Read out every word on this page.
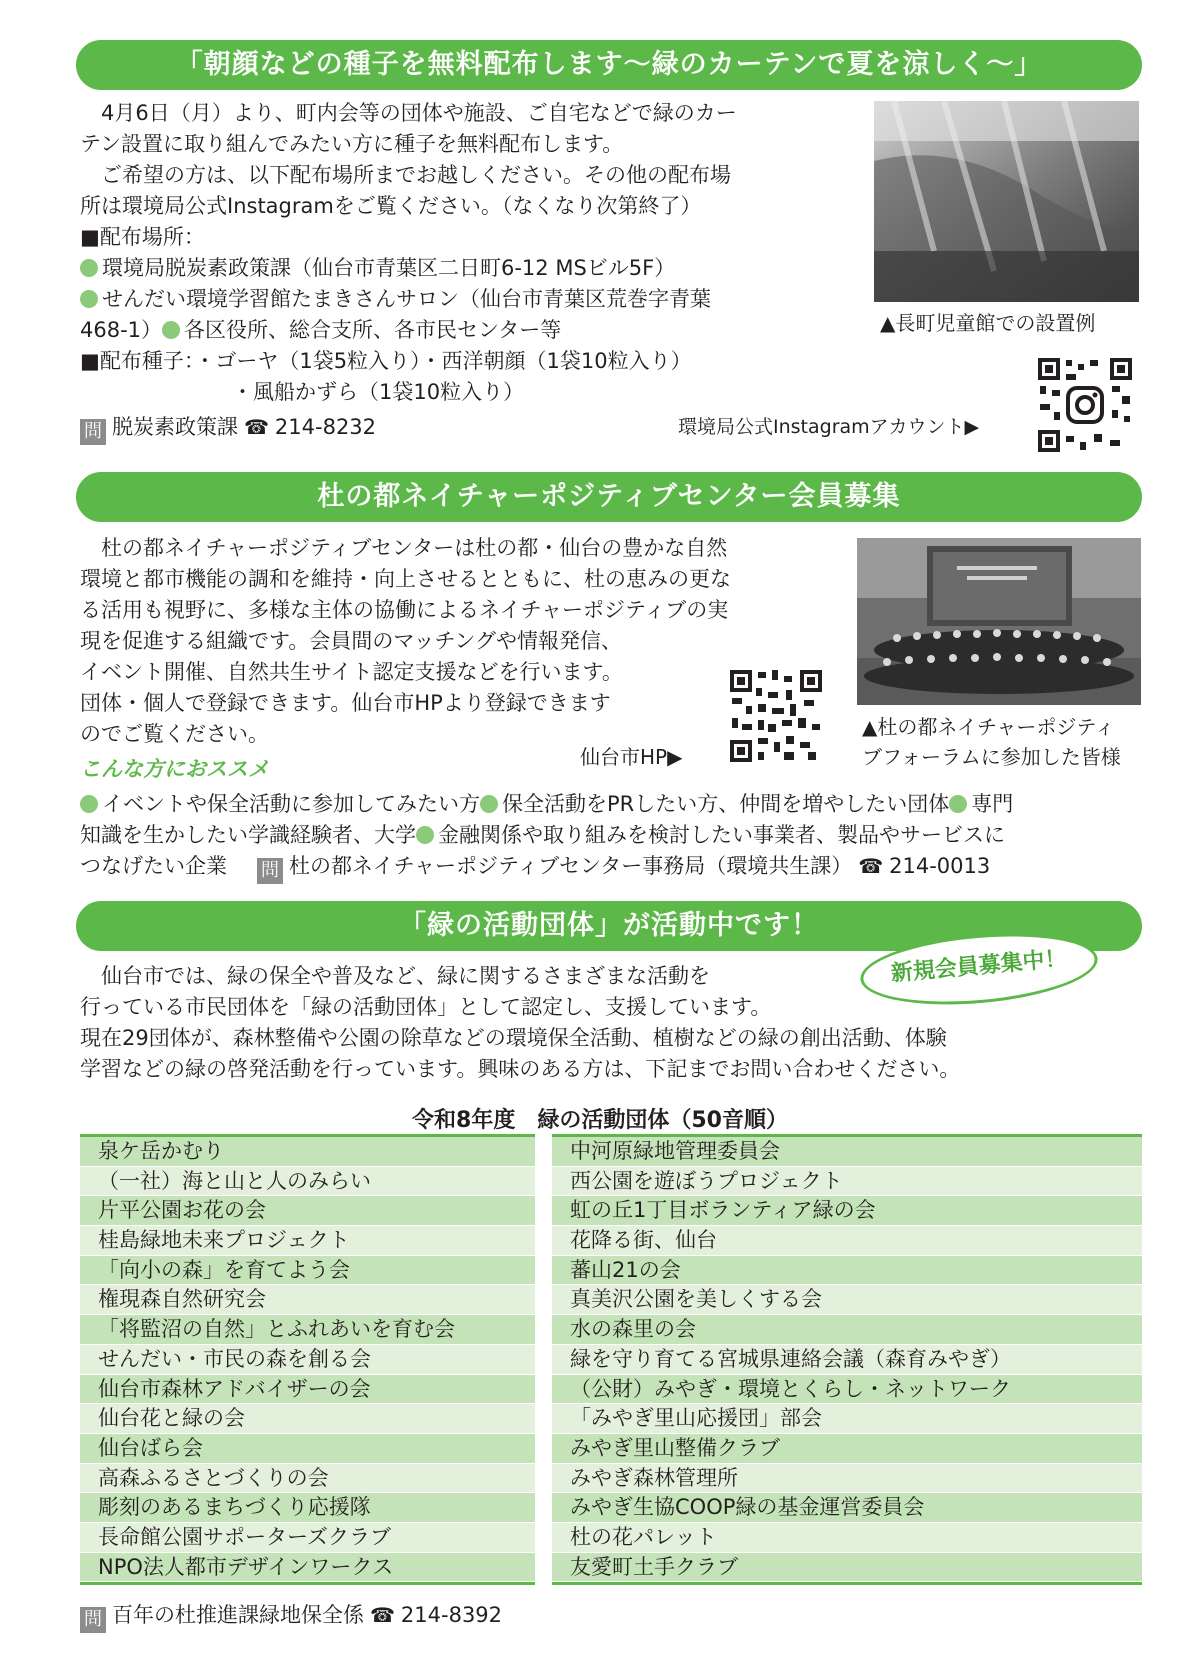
「朝顔などの種子を無料配布します～緑のカーテンで夏を涼しく～」
　4月6日（月）より、町内会等の団体や施設、ご自宅などで緑のカー
テン設置に取り組んでみたい方に種子を無料配布します。
　ご希望の方は、以下配布場所までお越しください。その他の配布場
所は環境局公式Instagramをご覧ください。（なくなり次第終了）
■配布場所：
環境局脱炭素政策課（仙台市青葉区二日町6-12 MSビル5F）
せんだい環境学習館たまきさんサロン（仙台市青葉区荒巻字青葉
468-1） 各区役所、総合支所、各市民センター等
■配布種子：・ゴーヤ（1袋5粒入り）・西洋朝顔（1袋10粒入り）
・風船かずら（1袋10粒入り）
問 脱炭素政策課 ☎ 214-8232
▲長町児童館での設置例
環境局公式Instagramアカウント▶
杜の都ネイチャーポジティブセンター会員募集
　杜の都ネイチャーポジティブセンターは杜の都・仙台の豊かな自然
環境と都市機能の調和を維持・向上させるとともに、杜の恵みの更な
る活用も視野に、多様な主体の協働によるネイチャーポジティブの実
現を促進する組織です。会員間のマッチングや情報発信、
イベント開催、自然共生サイト認定支援などを行います。
団体・個人で登録できます。仙台市HPより登録できます
のでご覧ください。
こんな方におススメ	仙台市HP▶
▲杜の都ネイチャーポジティ
ブフォーラムに参加した皆様
イベントや保全活動に参加してみたい方 保全活動をPRしたい方、仲間を増やしたい団体 専門
知識を生かしたい学識経験者、大学 金融関係や取り組みを検討したい事業者、製品やサービスに
つなげたい企業 問 杜の都ネイチャーポジティブセンター事務局（環境共生課） ☎ 214-0013
「緑の活動団体」が活動中です！
新規会員募集中！
　仙台市では、緑の保全や普及など、緑に関するさまざまな活動を
行っている市民団体を「緑の活動団体」として認定し、支援しています。
現在29団体が、森林整備や公園の除草などの環境保全活動、植樹などの緑の創出活動、体験
学習などの緑の啓発活動を行っています。興味のある方は、下記までお問い合わせください。
令和8年度　緑の活動団体（50音順）
泉ケ岳かむり
（一社）海と山と人のみらい
片平公園お花の会
桂島緑地未来プロジェクト
「向小の森」を育てよう会
権現森自然研究会
「将監沼の自然」とふれあいを育む会
せんだい・市民の森を創る会
仙台市森林アドバイザーの会
仙台花と緑の会
仙台ばら会
高森ふるさとづくりの会
彫刻のあるまちづくり応援隊
長命館公園サポーターズクラブ
NPO法人都市デザインワークス
中河原緑地管理委員会
西公園を遊ぼうプロジェクト
虹の丘1丁目ボランティア緑の会
花降る街、仙台
蕃山21の会
真美沢公園を美しくする会
水の森里の会
緑を守り育てる宮城県連絡会議（森育みやぎ）
（公財）みやぎ・環境とくらし・ネットワーク
「みやぎ里山応援団」部会
みやぎ里山整備クラブ
みやぎ森林管理所
みやぎ生協COOP緑の基金運営委員会
杜の花パレット
友愛町土手クラブ
問 百年の杜推進課緑地保全係 ☎ 214-8392
